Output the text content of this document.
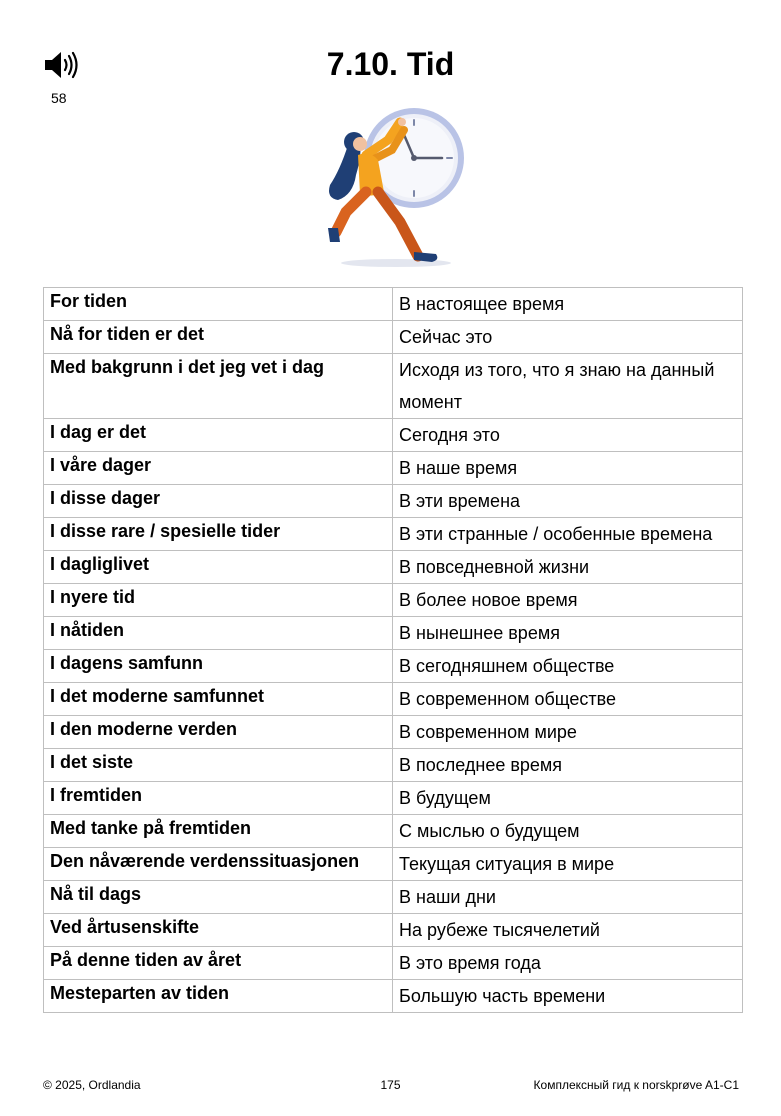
58
7.10. Tid
For tiden	В настоящее время
Nå for tiden er det	Сейчас это
Med bakgrunn i det jeg vet i dag	Исходя из того, что я знаю на данный момент
I dag er det	Сегодня это
I våre dager	В наше время
I disse dager	В эти времена
I disse rare / spesielle tider	В эти странные / особенные времена
I dagliglivet	В повседневной жизни
I nyere tid	В более новое время
I nåtiden	В нынешнее время
I dagens samfunn	В сегодняшнем обществе
I det moderne samfunnet	В современном обществе
I den moderne verden	В современном мире
I det siste	В последнее время
I fremtiden	В будущем
Med tanke på fremtiden	С мыслью о будущем
Den nåværende verdenssituasjonen	Текущая ситуация в мире
Nå til dags	В наши дни
Ved årtusenskifte	На рубеже тысячелетий
På denne tiden av året	В это время года
Mesteparten av tiden	Большую часть времени
© 2025, Ordlandia	175	Комплексный гид к norskprøve A1-C1
